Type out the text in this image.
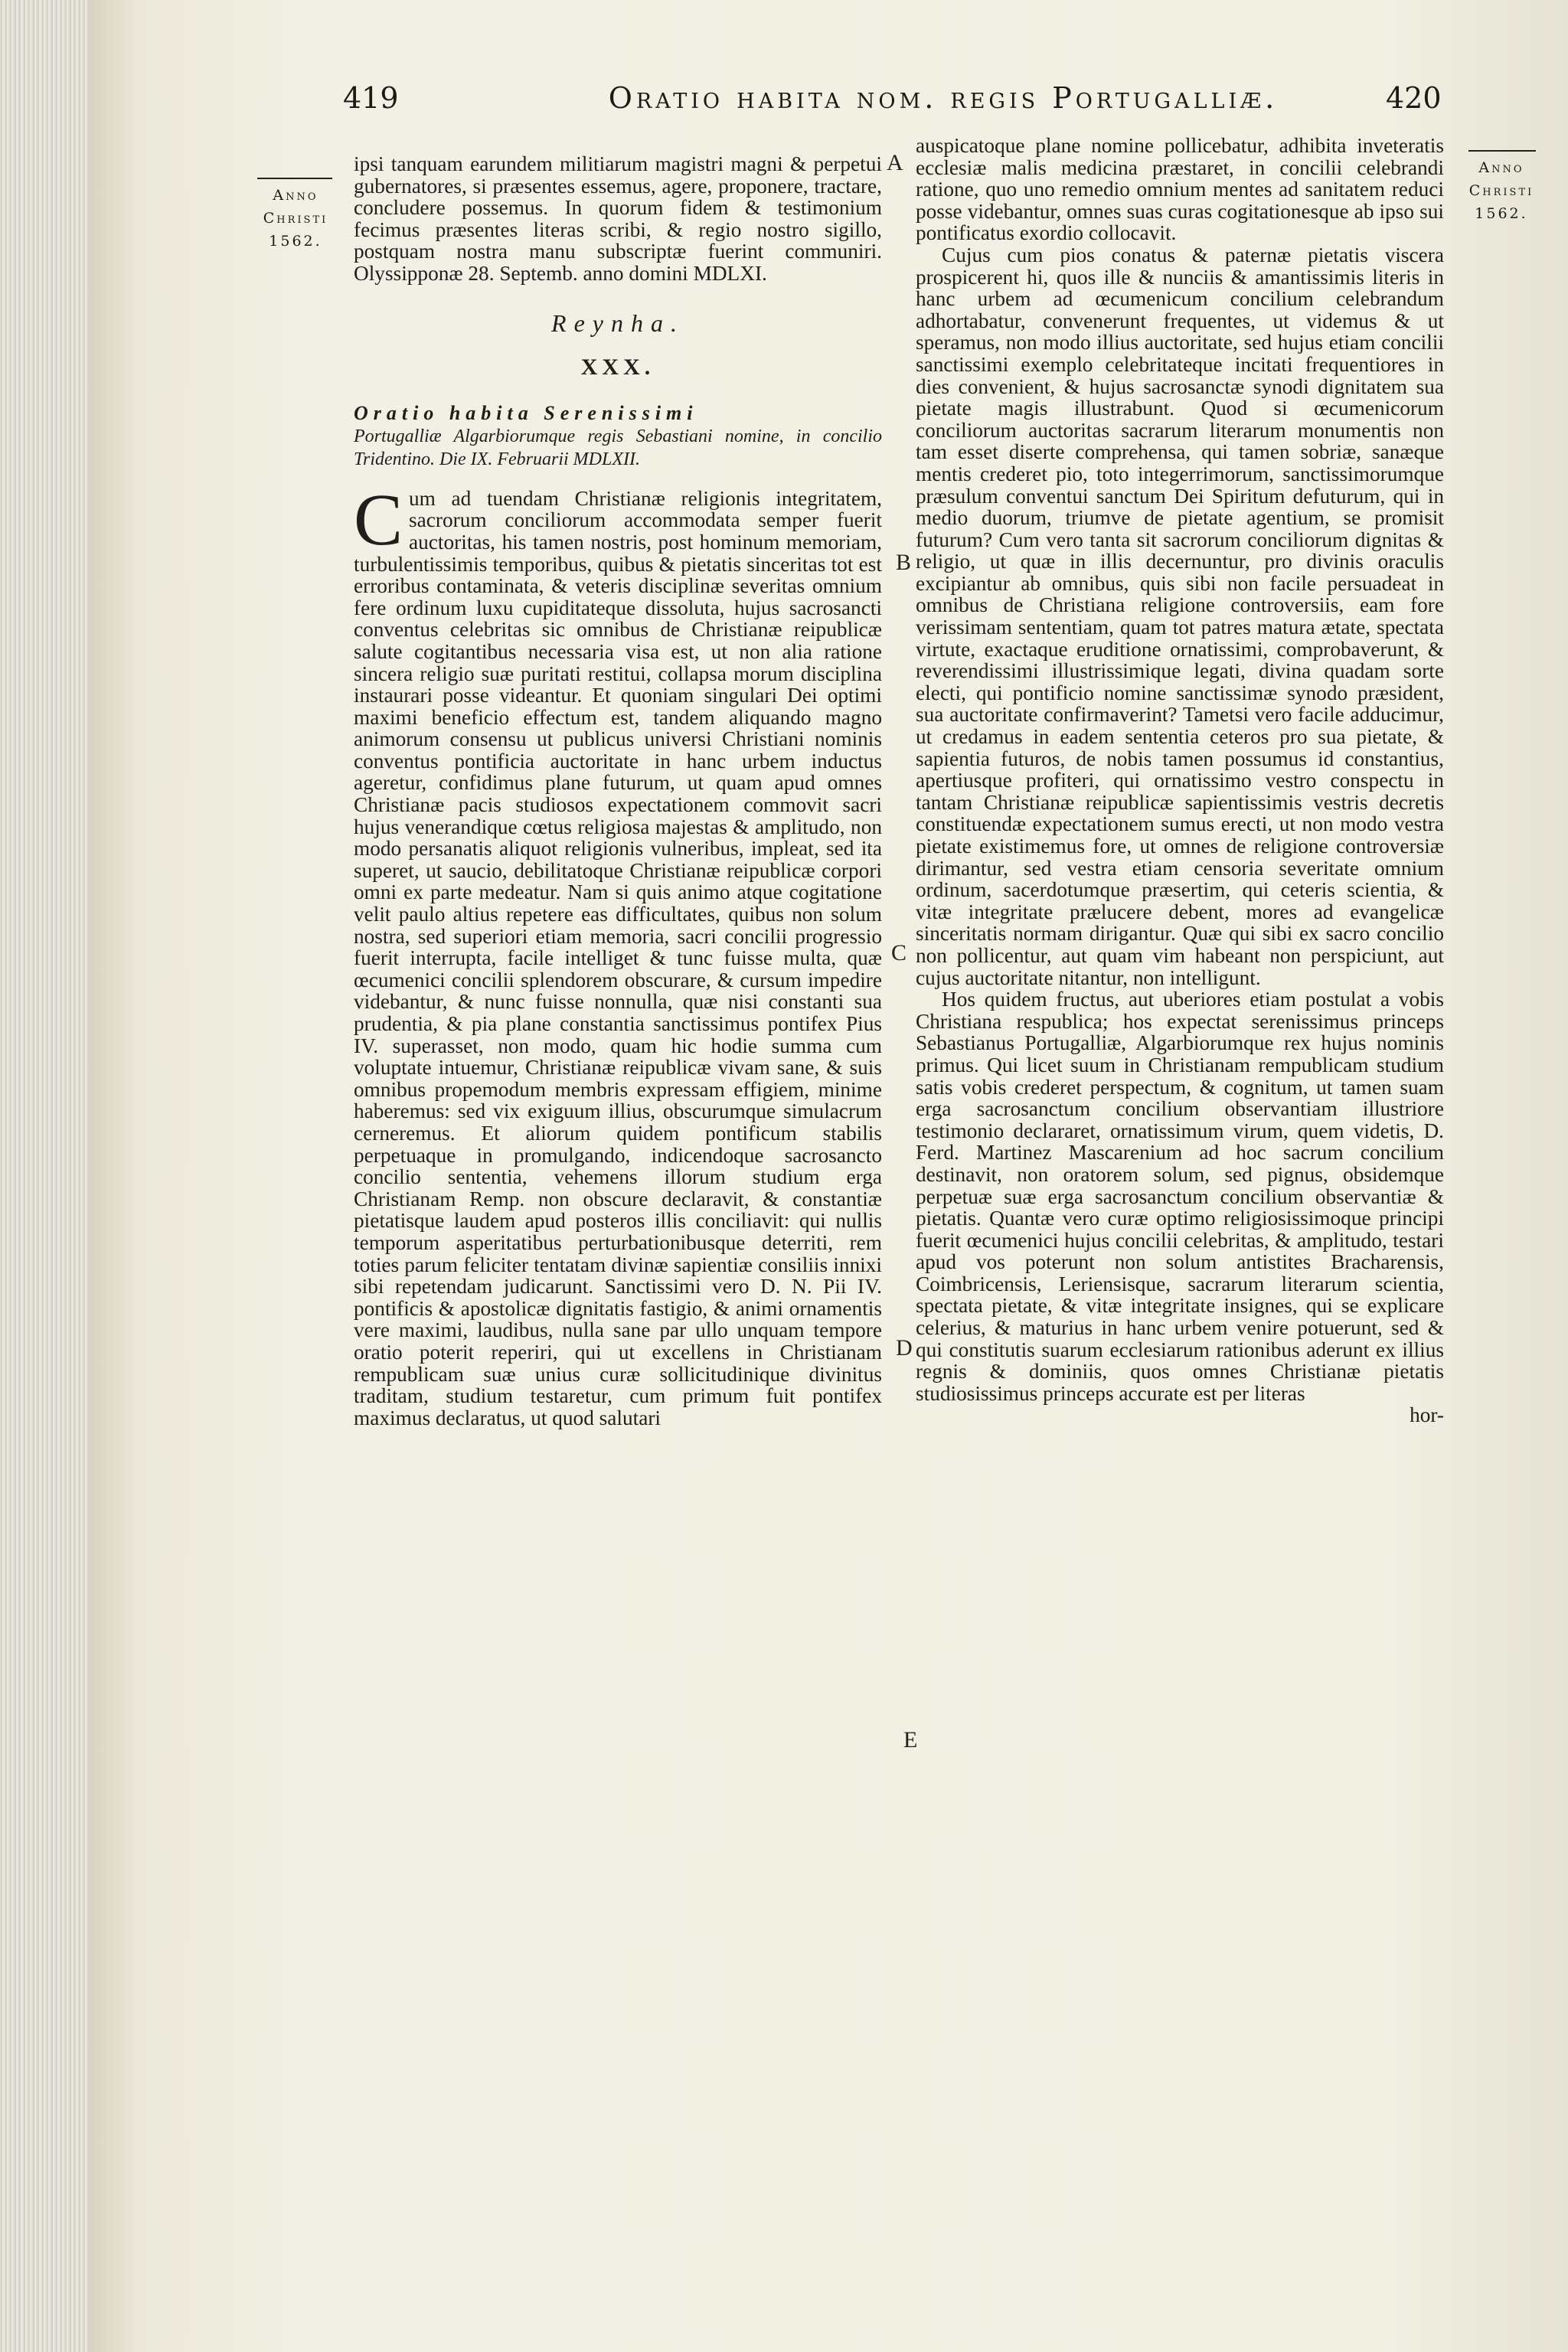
419	Oratio habita nom. regis Portugalliæ.	420
Anno
Christi
1562.
Anno
Christi
1562.
A
B
C
D
E

ipsi tanquam earundem militiarum magistri magni & perpetui gubernatores, si præsentes essemus, agere, proponere, tractare, concludere possemus. In quorum fidem & testimonium fecimus præsentes literas scribi, & regio nostro sigillo, postquam nostra manu subscriptæ fuerint communiri. Olyssipponæ 28. Septemb. anno domini MDLXI.

Reynha.
XXX.
Oratio habita Serenissimi
Portugalliæ Algarbiorumque regis Sebastiani nomine, in concilio Tridentino. Die IX. Februarii MDLXII.

Cum ad tuendam Christianæ religionis integritatem, sacrorum conciliorum accommodata semper fuerit auctoritas, his tamen nostris, post hominum memoriam, turbulentissimis temporibus, quibus & pietatis sinceritas tot est erroribus contaminata, & veteris disciplinæ severitas omnium fere ordinum luxu cupiditateque dissoluta, hujus sacrosancti conventus celebritas sic omnibus de Christianæ reipublicæ salute cogitantibus necessaria visa est, ut non alia ratione sincera religio suæ puritati restitui, collapsa morum disciplina instaurari posse videantur. Et quoniam singulari Dei optimi maximi beneficio effectum est, tandem aliquando magno animorum consensu ut publicus universi Christiani nominis conventus pontificia auctoritate in hanc urbem inductus ageretur, confidimus plane futurum, ut quam apud omnes Christianæ pacis studiosos expectationem commovit sacri hujus venerandique cœtus religiosa majestas & amplitudo, non modo persanatis aliquot religionis vulneribus, impleat, sed ita superet, ut saucio, debilitatoque Christianæ reipublicæ corpori omni ex parte medeatur. Nam si quis animo atque cogitatione velit paulo altius repetere eas difficultates, quibus non solum nostra, sed superiori etiam memoria, sacri concilii progressio fuerit interrupta, facile intelliget & tunc fuisse multa, quæ œcumenici concilii splendorem obscurare, & cursum impedire videbantur, & nunc fuisse nonnulla, quæ nisi constanti sua prudentia, & pia plane constantia sanctissimus pontifex Pius IV. superasset, non modo, quam hic hodie summa cum voluptate intuemur, Christianæ reipublicæ vivam sane, & suis omnibus propemodum membris expressam effigiem, minime haberemus: sed vix exiguum illius, obscurumque simulacrum cerneremus. Et aliorum quidem pontificum stabilis perpetuaque in promulgando, indicendoque sacrosancto concilio sententia, vehemens illorum studium erga Christianam Remp. non obscure declaravit, & constantiæ pietatisque laudem apud posteros illis conciliavit: qui nullis temporum asperitatibus perturbationibusque deterriti, rem toties parum feliciter tentatam divinæ sapientiæ consiliis innixi sibi repetendam judicarunt. Sanctissimi vero D. N. Pii IV. pontificis & apostolicæ dignitatis fastigio, & animi ornamentis vere maximi, laudibus, nulla sane par ullo unquam tempore oratio poterit reperiri, qui ut excellens in Christianam rempublicam suæ unius curæ sollicitudinique divinitus traditam, studium testaretur, cum primum fuit pontifex maximus declaratus, ut quod salutari

auspicatoque plane nomine pollicebatur, adhibita inveteratis ecclesiæ malis medicina præstaret, in concilii celebrandi ratione, quo uno remedio omnium mentes ad sanitatem reduci posse videbantur, omnes suas curas cogitationesque ab ipso sui pontificatus exordio collocavit.

Cujus cum pios conatus & paternæ pietatis viscera prospicerent hi, quos ille & nunciis & amantissimis literis in hanc urbem ad œcumenicum concilium celebrandum adhortabatur, convenerunt frequentes, ut videmus & ut speramus, non modo illius auctoritate, sed hujus etiam concilii sanctissimi exemplo celebritateque incitati frequentiores in dies convenient, & hujus sacrosanctæ synodi dignitatem sua pietate magis illustrabunt. Quod si œcumenicorum conciliorum auctoritas sacrarum literarum monumentis non tam esset diserte comprehensa, qui tamen sobriæ, sanæque mentis crederet pio, toto integerrimorum, sanctissimorumque præsulum conventui sanctum Dei Spiritum defuturum, qui in medio duorum, triumve de pietate agentium, se promisit futurum? Cum vero tanta sit sacrorum conciliorum dignitas & religio, ut quæ in illis decernuntur, pro divinis oraculis excipiantur ab omnibus, quis sibi non facile persuadeat in omnibus de Christiana religione controversiis, eam fore verissimam sententiam, quam tot patres matura ætate, spectata virtute, exactaque eruditione ornatissimi, comprobaverunt, & reverendissimi illustrissimique legati, divina quadam sorte electi, qui pontificio nomine sanctissimæ synodo præsident, sua auctoritate confirmaverint? Tametsi vero facile adducimur, ut credamus in eadem sententia ceteros pro sua pietate, & sapientia futuros, de nobis tamen possumus id constantius, apertiusque profiteri, qui ornatissimo vestro conspectu in tantam Christianæ reipublicæ sapientissimis vestris decretis constituendæ expectationem sumus erecti, ut non modo vestra pietate existimemus fore, ut omnes de religione controversiæ dirimantur, sed vestra etiam censoria severitate omnium ordinum, sacerdotumque præsertim, qui ceteris scientia, & vitæ integritate prælucere debent, mores ad evangelicæ sinceritatis normam dirigantur. Quæ qui sibi ex sacro concilio non pollicentur, aut quam vim habeant non perspiciunt, aut cujus auctoritate nitantur, non intelligunt.

Hos quidem fructus, aut uberiores etiam postulat a vobis Christiana respublica; hos expectat serenissimus princeps Sebastianus Portugalliæ, Algarbiorumque rex hujus nominis primus. Qui licet suum in Christianam rempublicam studium satis vobis crederet perspectum, & cognitum, ut tamen suam erga sacrosanctum concilium observantiam illustriore testimonio declararet, ornatissimum virum, quem videtis, D. Ferd. Martinez Mascarenium ad hoc sacrum concilium destinavit, non oratorem solum, sed pignus, obsidemque perpetuæ suæ erga sacrosanctum concilium observantiæ & pietatis. Quantæ vero curæ optimo religiosissimoque principi fuerit œcumenici hujus concilii celebritas, & amplitudo, testari apud vos poterunt non solum antistites Bracharensis, Coimbricensis, Leriensisque, sacrarum literarum scientia, spectata pietate, & vitæ integritate insignes, qui se explicare celerius, & maturius in hanc urbem venire potuerunt, sed & qui constitutis suarum ecclesiarum rationibus aderunt ex illius regnis & dominiis, quos omnes Christianæ pietatis studiosissimus princeps accurate est per literas

hor-
